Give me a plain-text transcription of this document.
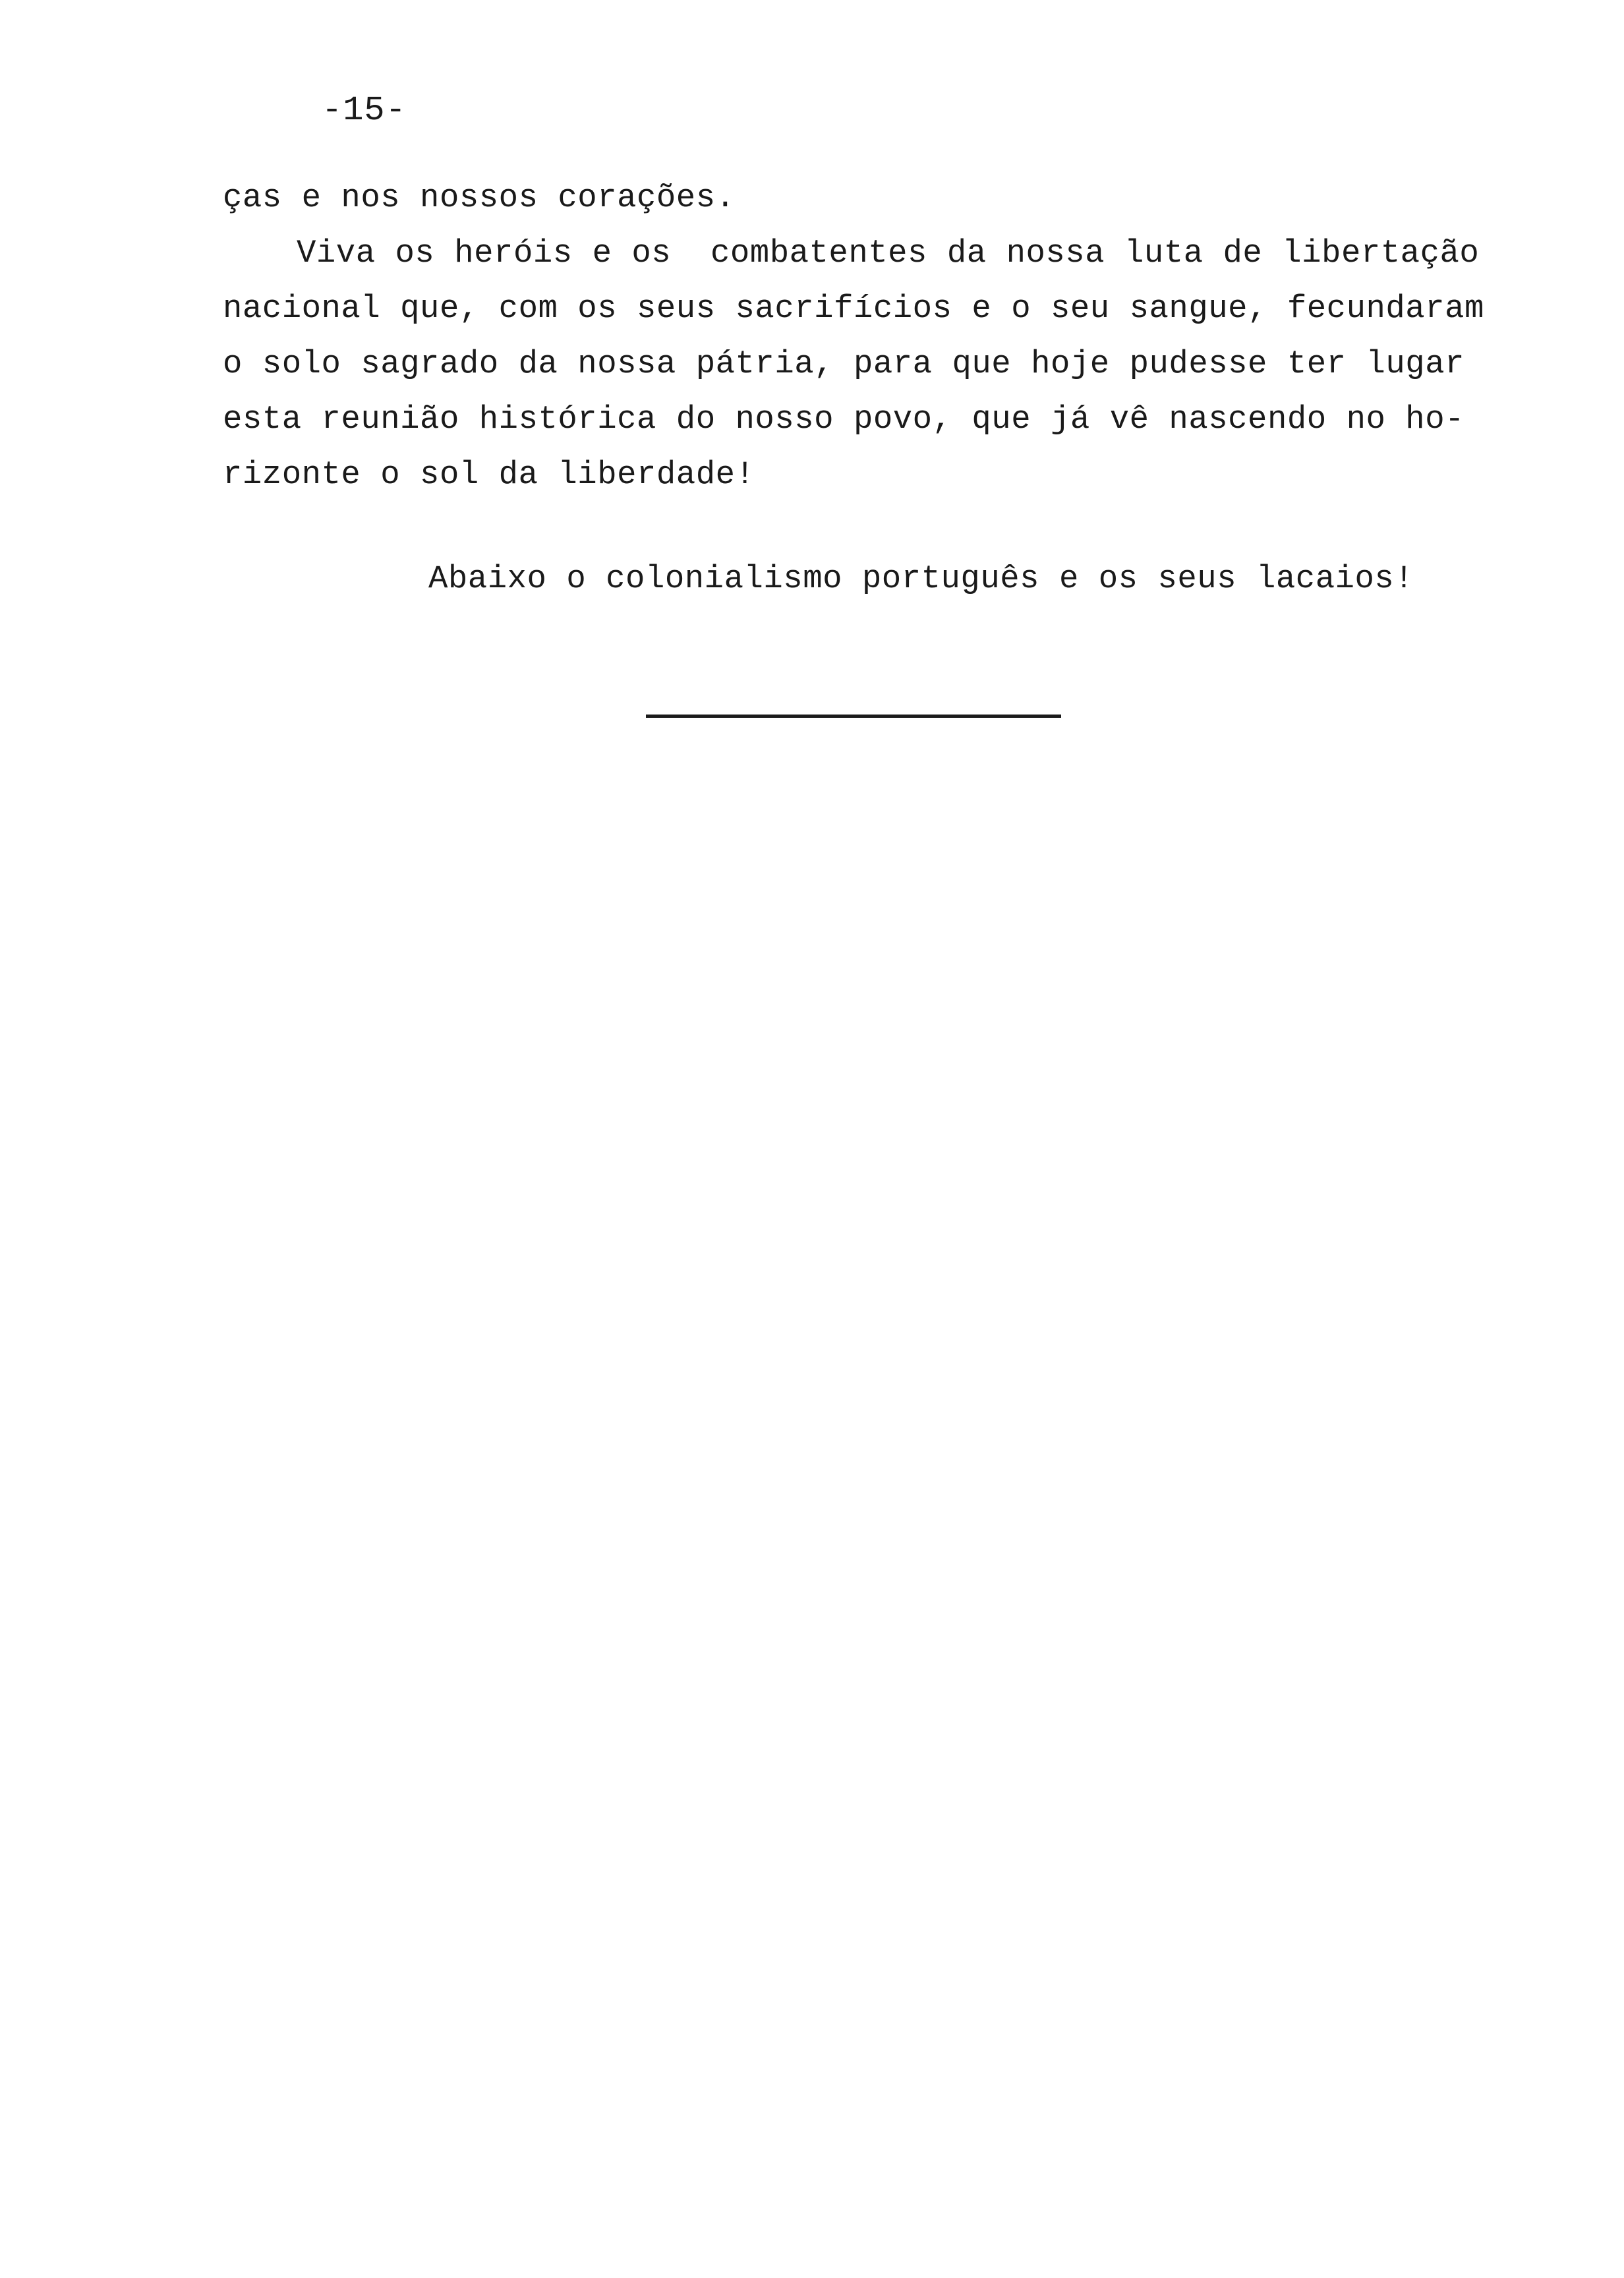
-15-
ças e nos nossos corações.
Viva os heróis e os  combatentes da nossa luta de libertação
nacional que, com os seus sacrifícios e o seu sangue, fecundaram
o solo sagrado da nossa pátria, para que hoje pudesse ter lugar
esta reunião histórica do nosso povo, que já vê nascendo no ho-
rizonte o sol da liberdade!
Abaixo o colonialismo português e os seus lacaios!
